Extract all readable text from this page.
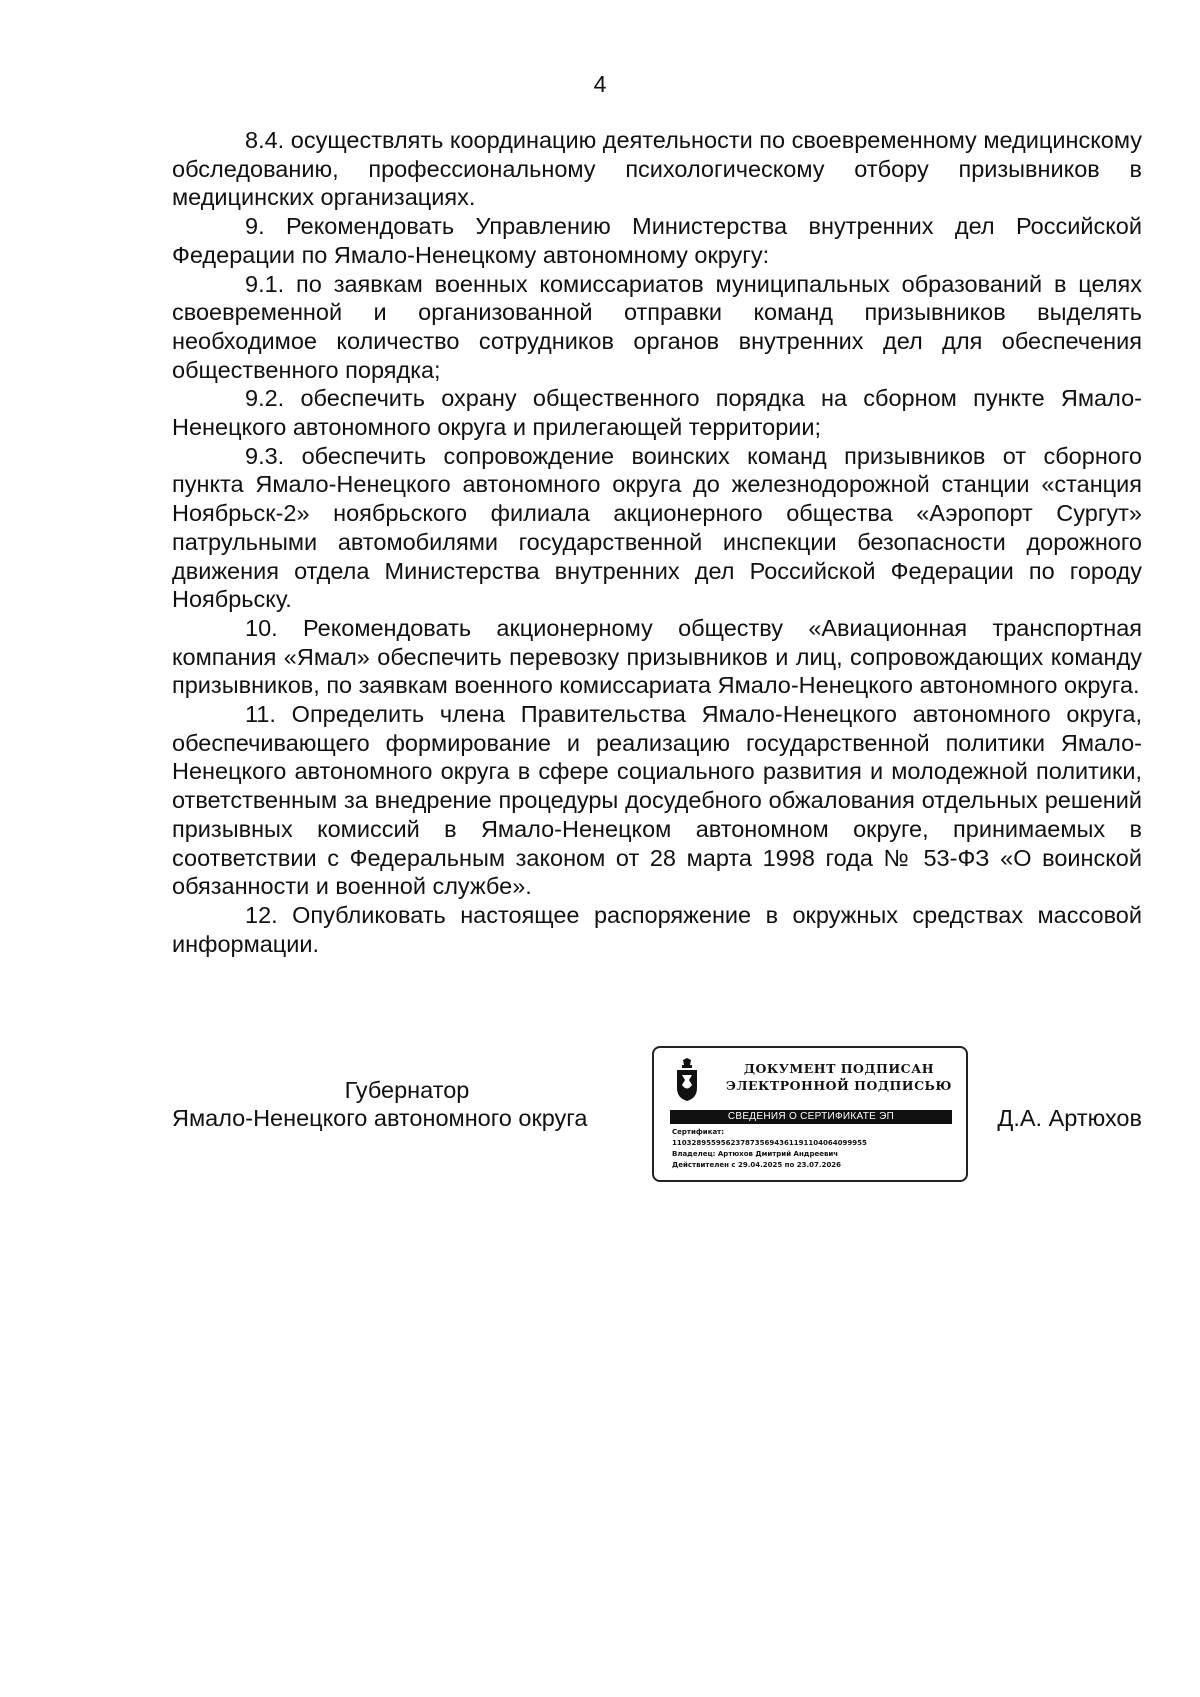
4

8.4. осуществлять координацию деятельности по своевременному медицинскому обследованию, профессиональному психологическому отбору призывников в медицинских организациях.

9. Рекомендовать Управлению Министерства внутренних дел Российской Федерации по Ямало-Ненецкому автономному округу:

9.1. по заявкам военных комиссариатов муниципальных образований в целях своевременной и организованной отправки команд призывников выделять необходимое количество сотрудников органов внутренних дел для обеспечения общественного порядка;

9.2. обеспечить охрану общественного порядка на сборном пункте Ямало-Ненецкого автономного округа и прилегающей территории;

9.3. обеспечить сопровождение воинских команд призывников от сборного пункта Ямало-Ненецкого автономного округа до железнодорожной станции «станция Ноябрьск-2» ноябрьского филиала акционерного общества «Аэропорт Сургут» патрульными автомобилями государственной инспекции безопасности дорожного движения отдела Министерства внутренних дел Российской Федерации по городу Ноябрьску.

10. Рекомендовать акционерному обществу «Авиационная транспортная компания «Ямал» обеспечить перевозку призывников и лиц, сопровождающих команду призывников, по заявкам военного комиссариата Ямало-Ненецкого автономного округа.

11. Определить члена Правительства Ямало-Ненецкого автономного округа, обеспечивающего формирование и реализацию государственной политики Ямало-Ненецкого автономного округа в сфере социального развития и молодежной политики, ответственным за внедрение процедуры досудебного обжалования отдельных решений призывных комиссий в Ямало-Ненецком автономном округе, принимаемых в соответствии с Федеральным законом от 28 марта 1998 года № 53-ФЗ «О воинской обязанности и военной службе».

12. Опубликовать настоящее распоряжение в окружных средствах массовой информации.

Губернатор
Ямало-Ненецкого автономного округа
ДОКУМЕНТ ПОДПИСАН
ЭЛЕКТРОННОЙ ПОДПИСЬЮ
СВЕДЕНИЯ О СЕРТИФИКАТЕ ЭП
Сертификат:
1103289559562378735694361191104064099955
Владелец: Артюхов Дмитрий Андреевич
Действителен с 29.04.2025 по 23.07.2026
Д.А. Артюхов
